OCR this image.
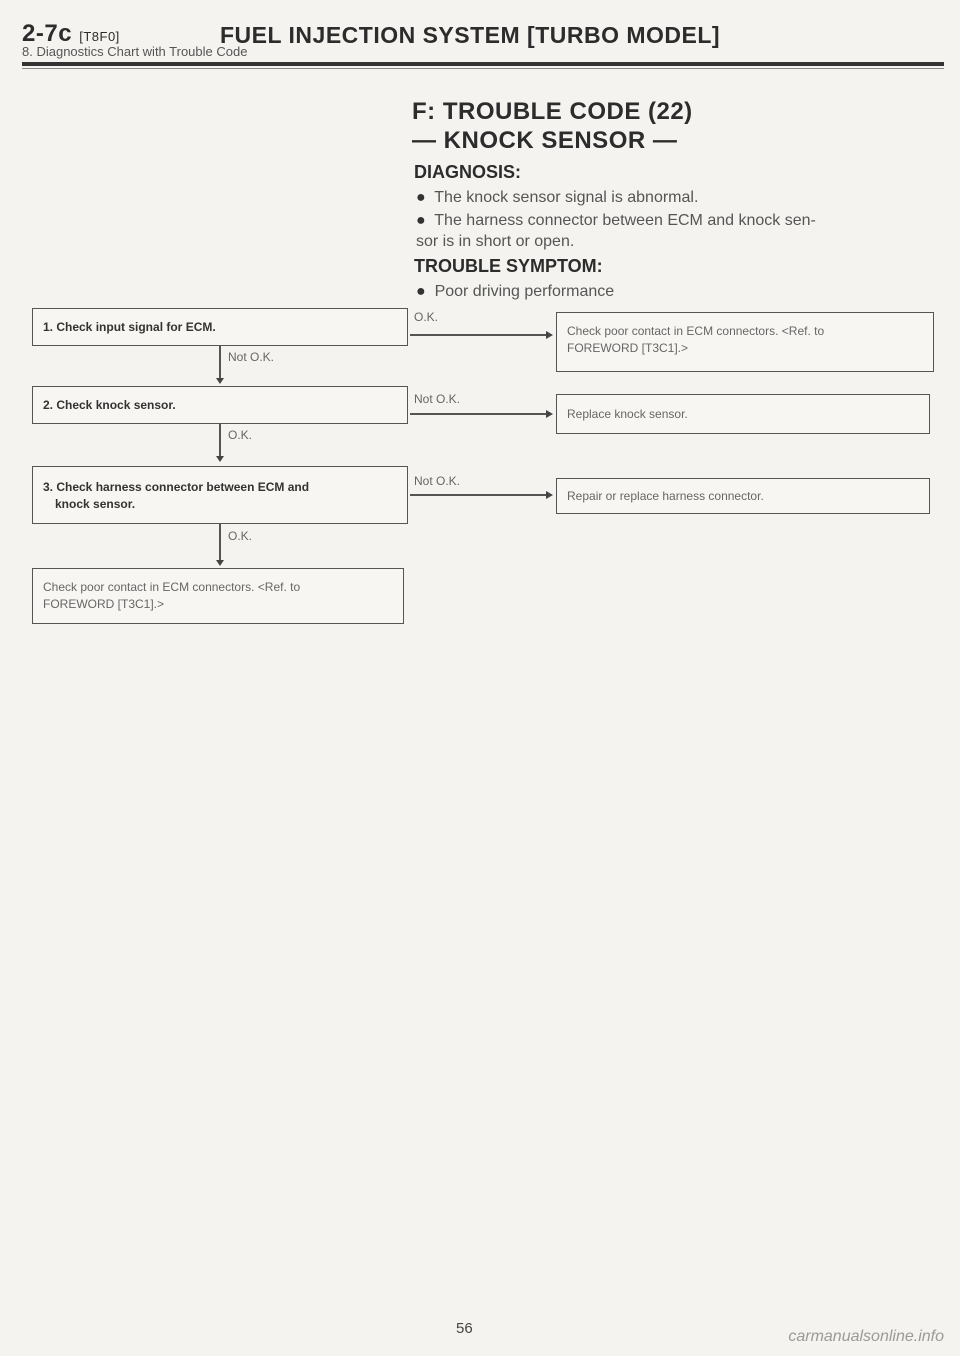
2-7c [T8F0]	FUEL INJECTION SYSTEM [TURBO MODEL]
8. Diagnostics Chart with Trouble Code
F: TROUBLE CODE (22)
— KNOCK SENSOR —
DIAGNOSIS:
● The knock sensor signal is abnormal.
● The harness connector between ECM and knock sen-
sor is in short or open.
TROUBLE SYMPTOM:
● Poor driving performance
1. Check input signal for ECM.
Not O.K.
2. Check knock sensor.
O.K.
3. Check harness connector between ECM and
knock sensor.
O.K.
Check poor contact in ECM connectors. <Ref. to
FOREWORD [T3C1].>
O.K.
Check poor contact in ECM connectors. <Ref. to
FOREWORD [T3C1].>
Not O.K.
Replace knock sensor.
Not O.K.
Repair or replace harness connector.
56	carmanualsonline.info
